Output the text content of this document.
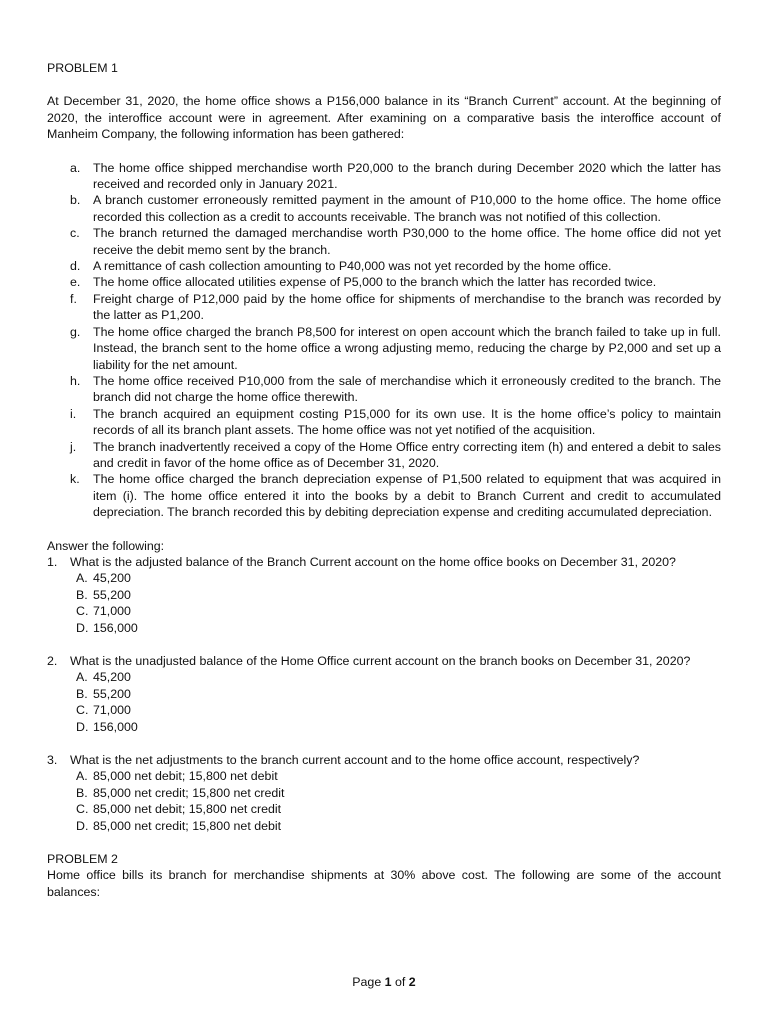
PROBLEM 1
At December 31, 2020, the home office shows a P156,000 balance in its “Branch Current” account. At the beginning of 2020, the interoffice account were in agreement. After examining on a comparative basis the interoffice account of Manheim Company, the following information has been gathered:
a. The home office shipped merchandise worth P20,000 to the branch during December 2020 which the latter has received and recorded only in January 2021.
b. A branch customer erroneously remitted payment in the amount of P10,000 to the home office. The home office recorded this collection as a credit to accounts receivable. The branch was not notified of this collection.
c. The branch returned the damaged merchandise worth P30,000 to the home office. The home office did not yet receive the debit memo sent by the branch.
d. A remittance of cash collection amounting to P40,000 was not yet recorded by the home office.
e. The home office allocated utilities expense of P5,000 to the branch which the latter has recorded twice.
f. Freight charge of P12,000 paid by the home office for shipments of merchandise to the branch was recorded by the latter as P1,200.
g. The home office charged the branch P8,500 for interest on open account which the branch failed to take up in full. Instead, the branch sent to the home office a wrong adjusting memo, reducing the charge by P2,000 and set up a liability for the net amount.
h. The home office received P10,000 from the sale of merchandise which it erroneously credited to the branch. The branch did not charge the home office therewith.
i. The branch acquired an equipment costing P15,000 for its own use. It is the home office’s policy to maintain records of all its branch plant assets. The home office was not yet notified of the acquisition.
j. The branch inadvertently received a copy of the Home Office entry correcting item (h) and entered a debit to sales and credit in favor of the home office as of December 31, 2020.
k. The home office charged the branch depreciation expense of P1,500 related to equipment that was acquired in item (i). The home office entered it into the books by a debit to Branch Current and credit to accumulated depreciation. The branch recorded this by debiting depreciation expense and crediting accumulated depreciation.
Answer the following:
1. What is the adjusted balance of the Branch Current account on the home office books on December 31, 2020?
A. 45,200
B. 55,200
C. 71,000
D. 156,000
2. What is the unadjusted balance of the Home Office current account on the branch books on December 31, 2020?
A. 45,200
B. 55,200
C. 71,000
D. 156,000
3. What is the net adjustments to the branch current account and to the home office account, respectively?
A. 85,000 net debit; 15,800 net debit
B. 85,000 net credit; 15,800 net credit
C. 85,000 net debit; 15,800 net credit
D. 85,000 net credit; 15,800 net debit
PROBLEM 2
Home office bills its branch for merchandise shipments at 30% above cost. The following are some of the account balances:
Page 1 of 2
